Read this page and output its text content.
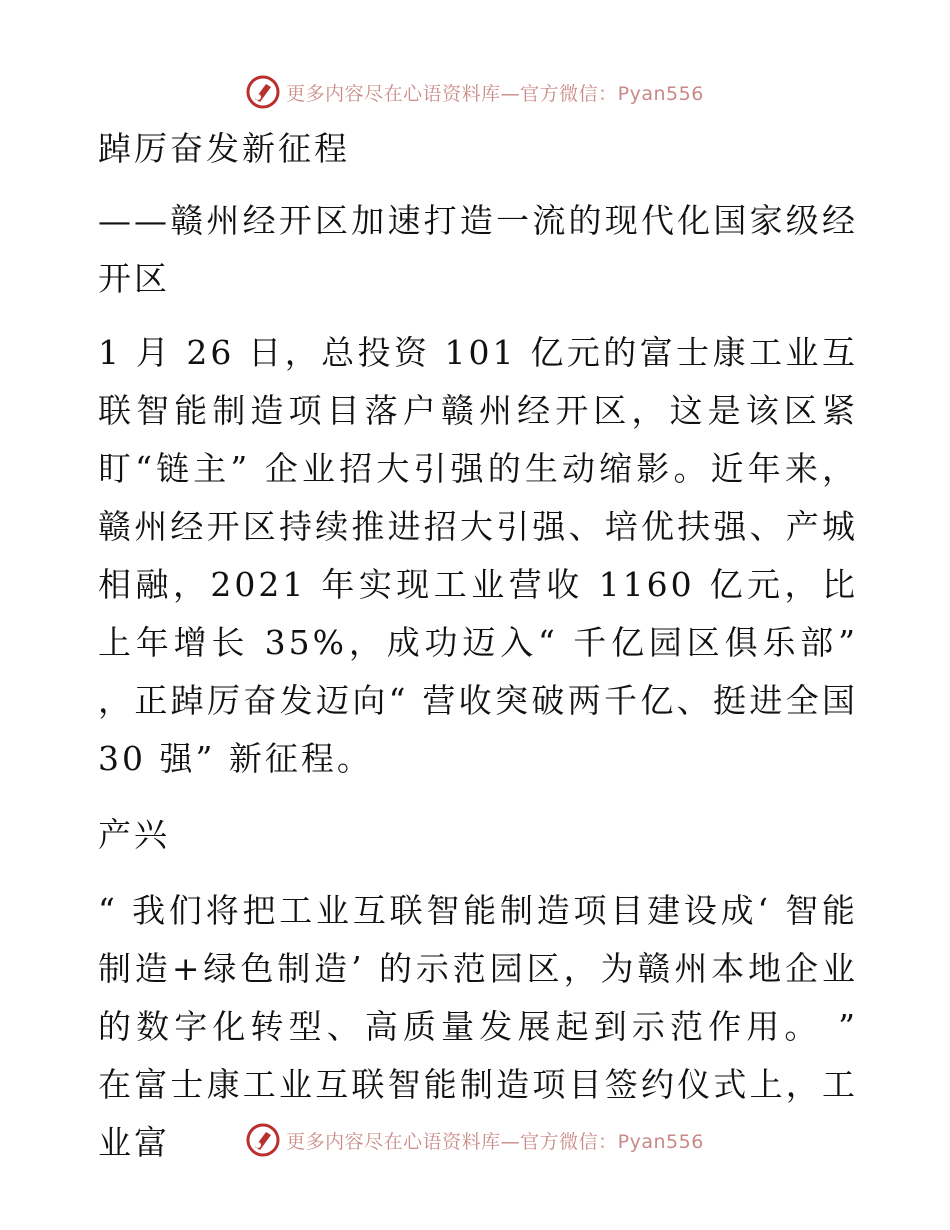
更多内容尽在心语资料库—官方微信：Pyan556

踔厉奋发新征程

——赣州经开区加速打造一流的现代化国家级经开区

1 月 26 日，总投资 101 亿元的富士康工业互联智能制造项目落户赣州经开区，这是该区紧盯“链主” 企业招大引强的生动缩影。近年来，赣州经开区持续推进招大引强、培优扶强、产城相融，2021 年实现工业营收 1160 亿元，比上年增长 35%，成功迈入“ 千亿园区俱乐部” ，正踔厉奋发迈向“ 营收突破两千亿、挺进全国 30 强” 新征程。

产兴

“ 我们将把工业互联智能制造项目建设成‘ 智能制造+绿色制造’ 的示范园区，为赣州本地企业的数字化转型、高质量发展起到示范作用。 ” 在富士康工业互联智能制造项目签约仪式上，工业富	更多内容尽在心语资料库—官方微信：Pyan556
